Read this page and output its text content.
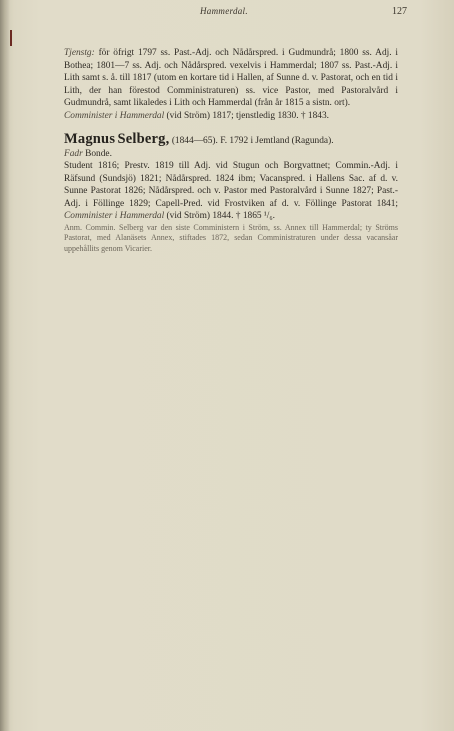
Hammerdal.	127

Tjenstg: för öfrigt 1797 ss. Past.-Adj. och Nådårspred. i Gudmundrå; 1800 ss. Adj. i Bothea; 1801—7 ss. Adj. och Nådårspred. vexelvis i Hammerdal; 1807 ss. Past.-Adj. i Lith samt s. å. till 1817 (utom en kortare tid i Hallen, af Sunne d. v. Pastorat, och en tid i Lith, der han förestod Comministraturen) ss. vice Pastor, med Pastoralvård i Gudmundrå, samt likaledes i Lith och Hammerdal (från år 1815 a sistn. ort).

Comminister i Hammerdal (vid Ström) 1817; tjenstledig 1830. † 1843.

Magnus Selberg, (1844—65). F. 1792 i Jemtland (Ragunda).

Fadr Bonde.

Student 1816; Prestv. 1819 till Adj. vid Stugun och Borgvattnet; Commin.-Adj. i Räfsund (Sundsjö) 1821; Nådårspred. 1824 ibm; Vacanspred. i Hallens Sac. af d. v. Sunne Pastorat 1826; Nådårspred. och v. Pastor med Pastoralvård i Sunne 1827; Past.-Adj. i Föllinge 1829; Capell-Pred. vid Frostviken af d. v. Föllinge Pastorat 1841; Comminister i Hammerdal (vid Ström) 1844. † 1865 ¹/₆.

Anm. Commin. Selberg var den siste Comministern i Ström, ss. Annex till Hammerdal; ty Ströms Pastorat, med Alanäsets Annex, stiftades 1872, sedan Comministraturen under dessa vacansåar uppehållits genom Vicarier.
